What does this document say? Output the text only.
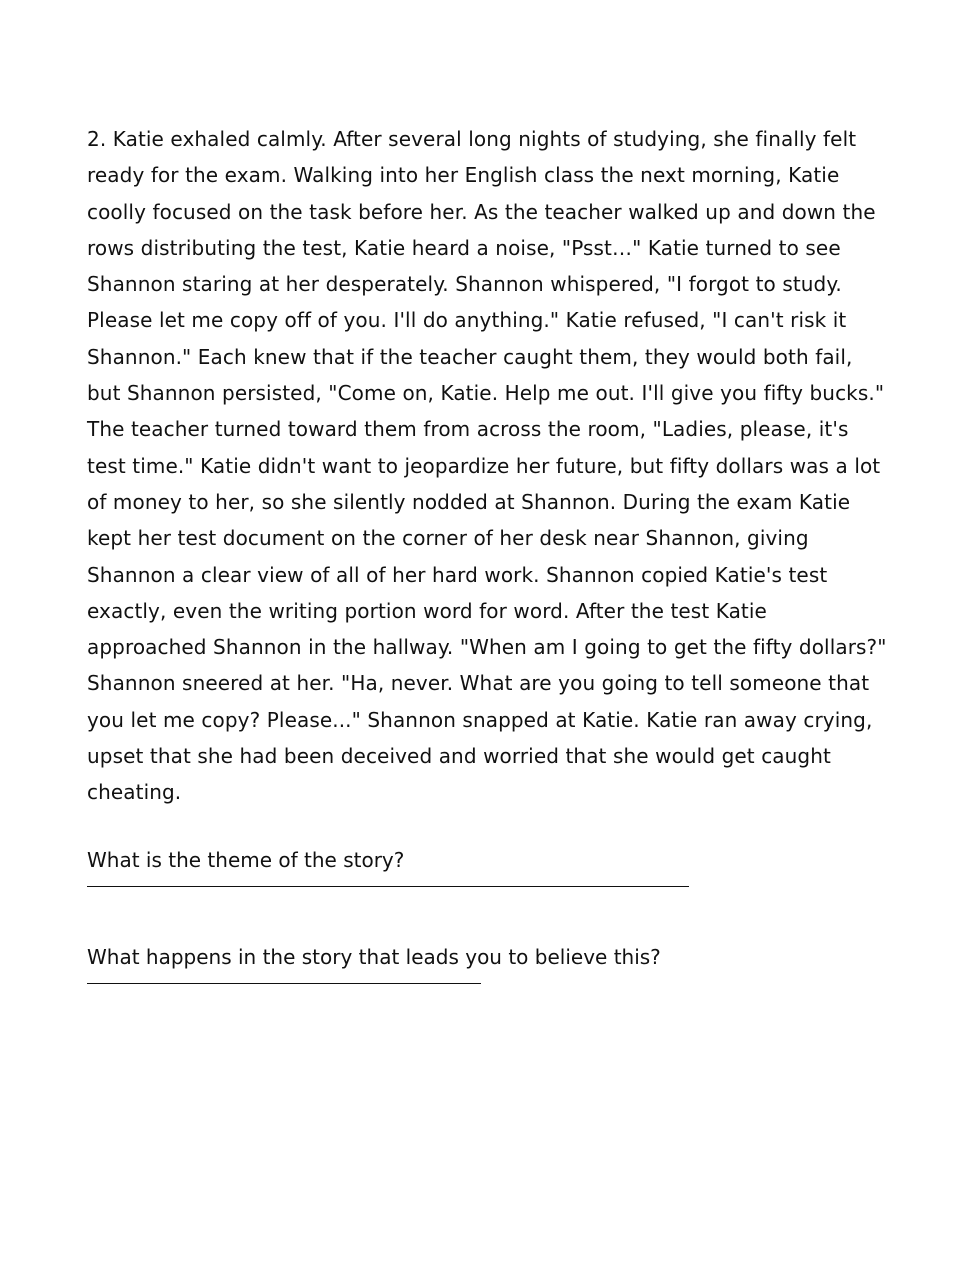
2. Katie exhaled calmly. After several long nights of studying, she finally felt ready for the exam. Walking into her English class the next morning, Katie coolly focused on the task before her. As the teacher walked up and down the rows distributing the test, Katie heard a noise, "Psst…" Katie turned to see Shannon staring at her desperately. Shannon whispered, "I forgot to study. Please let me copy off of you. I'll do anything." Katie refused, "I can't risk it Shannon." Each knew that if the teacher caught them, they would both fail, but Shannon persisted, "Come on, Katie. Help me out. I'll give you fifty bucks." The teacher turned toward them from across the room, "Ladies, please, it's test time." Katie didn't want to jeopardize her future, but fifty dollars was a lot of money to her, so she silently nodded at Shannon. During the exam Katie kept her test document on the corner of her desk near Shannon, giving Shannon a clear view of all of her hard work. Shannon copied Katie's test exactly, even the writing portion word for word. After the test Katie approached Shannon in the hallway. "When am I going to get the fifty dollars?" Shannon sneered at her. "Ha, never. What are you going to tell someone that you let me copy? Please..." Shannon snapped at Katie. Katie ran away crying, upset that she had been deceived and worried that she would get caught cheating.

What is the theme of the story?

What happens in the story that leads you to believe this?
